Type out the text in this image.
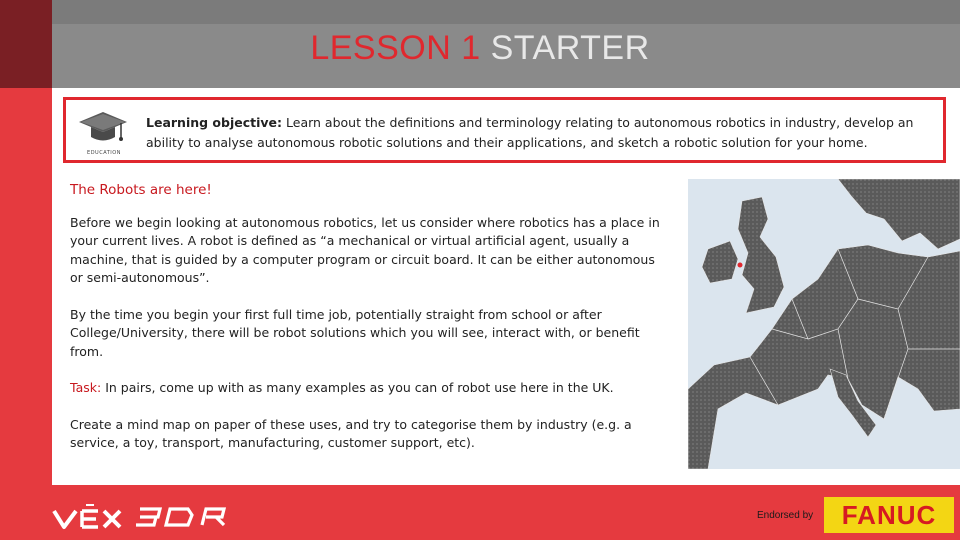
LESSON 1 STARTER
EDUCATION
Learning objective: Learn about the definitions and terminology relating to autonomous robotics in industry, develop an ability to analyse autonomous robotic solutions and their applications, and sketch a robotic solution for your home.
The Robots are here!

Before we begin looking at autonomous robotics, let us consider where robotics has a place in your current lives. A robot is defined as “a mechanical or virtual artificial agent, usually a machine, that is guided by a computer program or circuit board. It can be either autonomous or semi-autonomous”.

By the time you begin your first full time job, potentially straight from school or after College/University, there will be robot solutions which you will see, interact with, or benefit from.

Task: In pairs, come up with as many examples as you can of robot use here in the UK.

Create a mind map on paper of these uses, and try to categorise them by industry (e.g. a service, a toy, transport, manufacturing, customer support, etc).

Endorsed by	FANUC
